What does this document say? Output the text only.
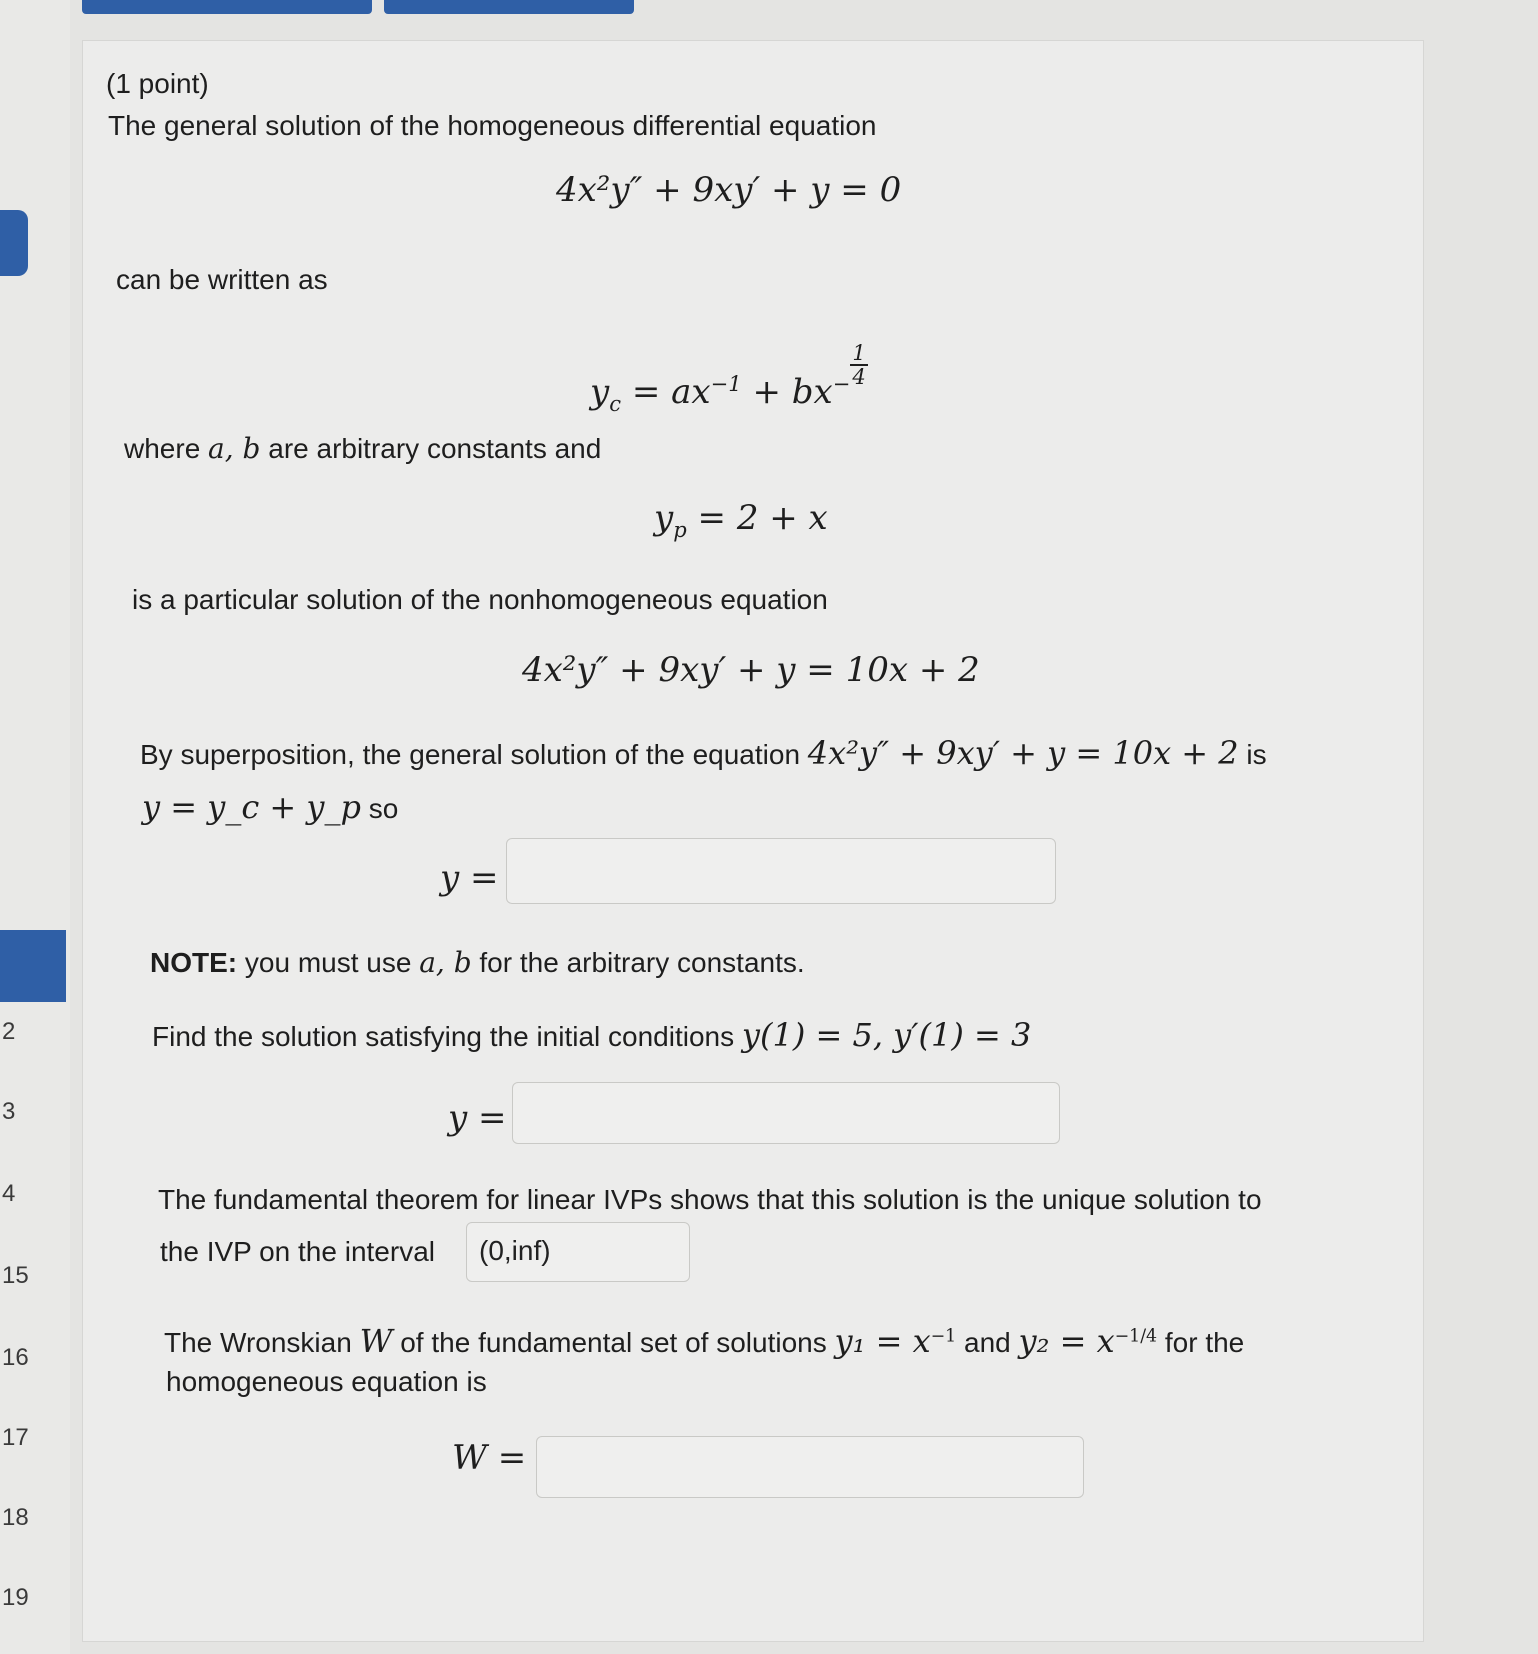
2
3
4
15
16
17
18
19
(1 point)
The general solution of the homogeneous differential equation
4x²y″ + 9xy′ + y = 0
can be written as
$y_c = ax^{-1} + bx^- \frac{1}{4}$
where a, b are arbitrary constants and
$y_p = 2 + x$
is a particular solution of the nonhomogeneous equation
4x²y″ + 9xy′ + y = 10x + 2
By superposition, the general solution of the equation 4x²y″ + 9xy′ + y = 10x + 2 is
y = y_c + y_p so
y =
NOTE: you must use a, b for the arbitrary constants.
Find the solution satisfying the initial conditions y(1) = 5, y′(1) = 3
y =
The fundamental theorem for linear IVPs shows that this solution is the unique solution to
the IVP on the interval	(0,inf)
The Wronskian W of the fundamental set of solutions $y_1 = x^{-1}$ and $y_2 = x^{-1/4}$ for the
homogeneous equation is
W =
